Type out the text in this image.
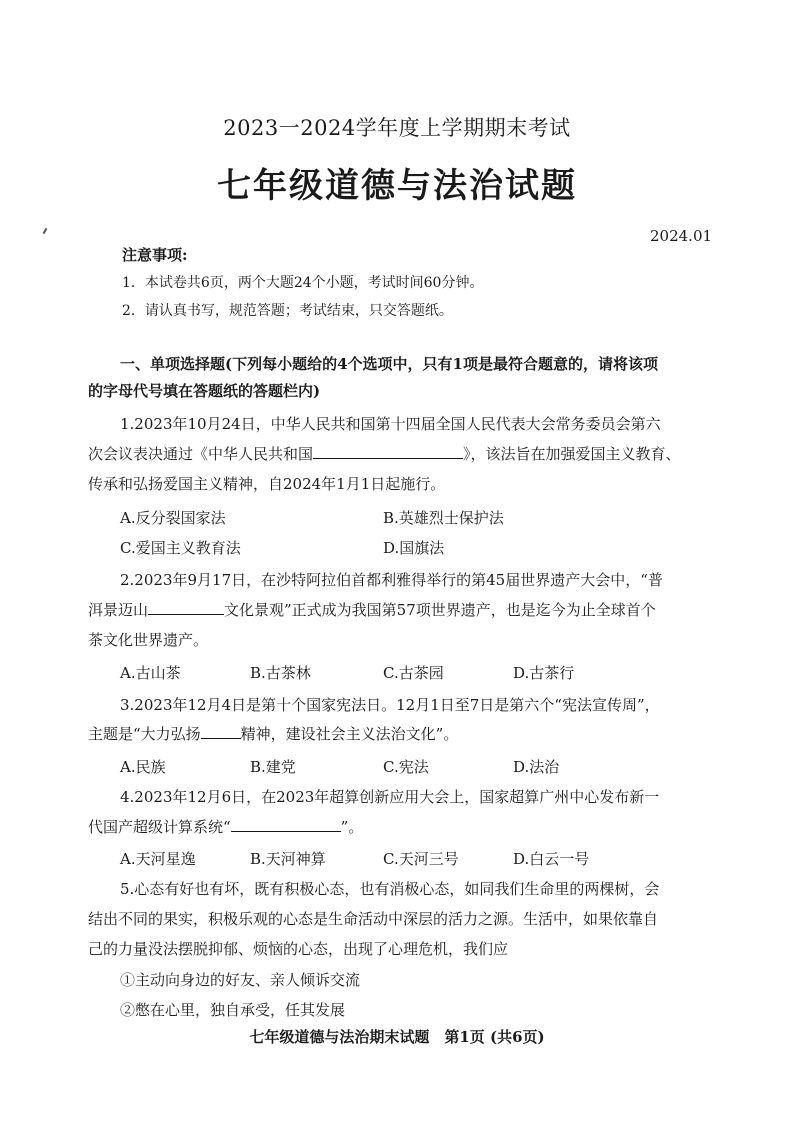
2023一2024学年度上学期期末考试
七年级道德与法治试题
2024.01
注意事项:
1．本试卷共6页，两个大题24个小题，考试时间60分钟。
2．请认真书写，规范答题；考试结束，只交答题纸。
一、单项选择题(下列每小题给的4个选项中，只有1项是最符合题意的，请将该项
的字母代号填在答题纸的答题栏内)
1.2023年10月24日，中华人民共和国第十四届全国人民代表大会常务委员会第六
次会议表决通过《中华人民共和国	》，该法旨在加强爱国主义教育、
传承和弘扬爱国主义精神，自2024年1月1日起施行。
A.反分裂国家法	B.英雄烈士保护法
C.爱国主义教育法	D.国旗法
2.2023年9月17日，在沙特阿拉伯首都利雅得举行的第45届世界遗产大会中，“普
洱景迈山	文化景观”正式成为我国第57项世界遗产，也是迄今为止全球首个
茶文化世界遗产。
A.古山茶	B.古茶林	C.古茶园	D.古茶行
3.2023年12月4日是第十个国家宪法日。12月1日至7日是第六个“宪法宣传周”，
主题是“大力弘扬	精神，建设社会主义法治文化”。
A.民族	B.建党	C.宪法	D.法治
4.2023年12月6日，在2023年超算创新应用大会上，国家超算广州中心发布新一
代国产超级计算系统“	”。
A.天河星逸	B.天河神算	C.天河三号	D.白云一号
5.心态有好也有坏，既有积极心态，也有消极心态，如同我们生命里的两棵树，会
结出不同的果实，积极乐观的心态是生命活动中深层的活力之源。生活中，如果依靠自
己的力量没法摆脱抑郁、烦恼的心态，出现了心理危机，我们应
①主动向身边的好友、亲人倾诉交流
②憋在心里，独自承受，任其发展
七年级道德与法治期末试题　第1页 (共6页)
